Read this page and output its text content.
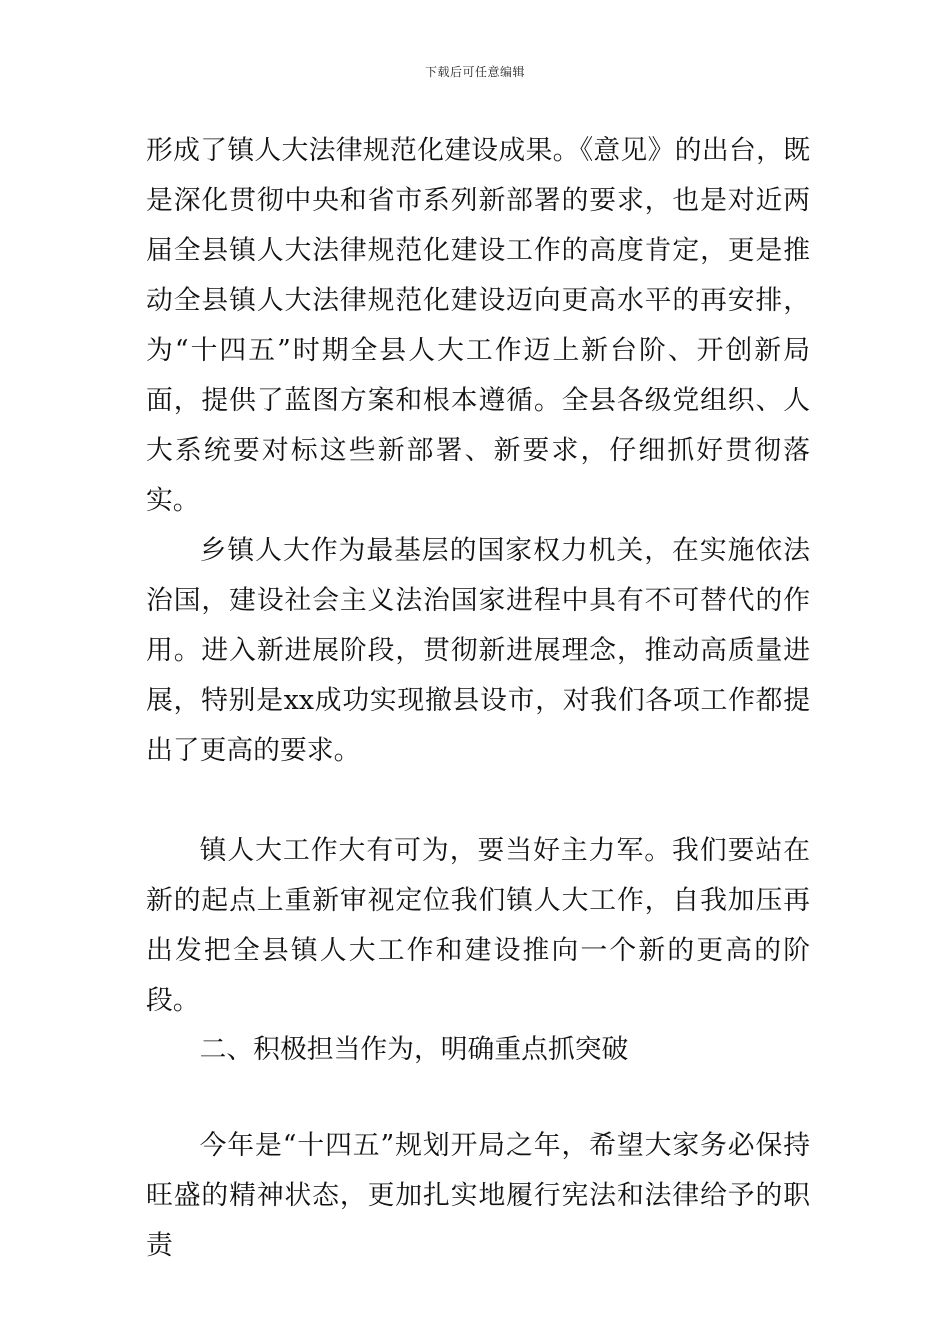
下载后可任意编辑

形成了镇人大法律规范化建设成果。《意见》的出台，既是深化贯彻中央和省市系列新部署的要求，也是对近两届全县镇人大法律规范化建设工作的高度肯定，更是推动全县镇人大法律规范化建设迈向更高水平的再安排，为“十四五”时期全县人大工作迈上新台阶、开创新局面，提供了蓝图方案和根本遵循。全县各级党组织、人大系统要对标这些新部署、新要求，仔细抓好贯彻落实。

乡镇人大作为最基层的国家权力机关，在实施依法治国，建设社会主义法治国家进程中具有不可替代的作用。进入新进展阶段，贯彻新进展理念，推动高质量进展，特别是xx成功实现撤县设市，对我们各项工作都提出了更高的要求。

镇人大工作大有可为，要当好主力军。我们要站在新的起点上重新审视定位我们镇人大工作，自我加压再出发把全县镇人大工作和建设推向一个新的更高的阶段。

二、积极担当作为，明确重点抓突破

今年是“十四五”规划开局之年，希望大家务必保持旺盛的精神状态，更加扎实地履行宪法和法律给予的职责
